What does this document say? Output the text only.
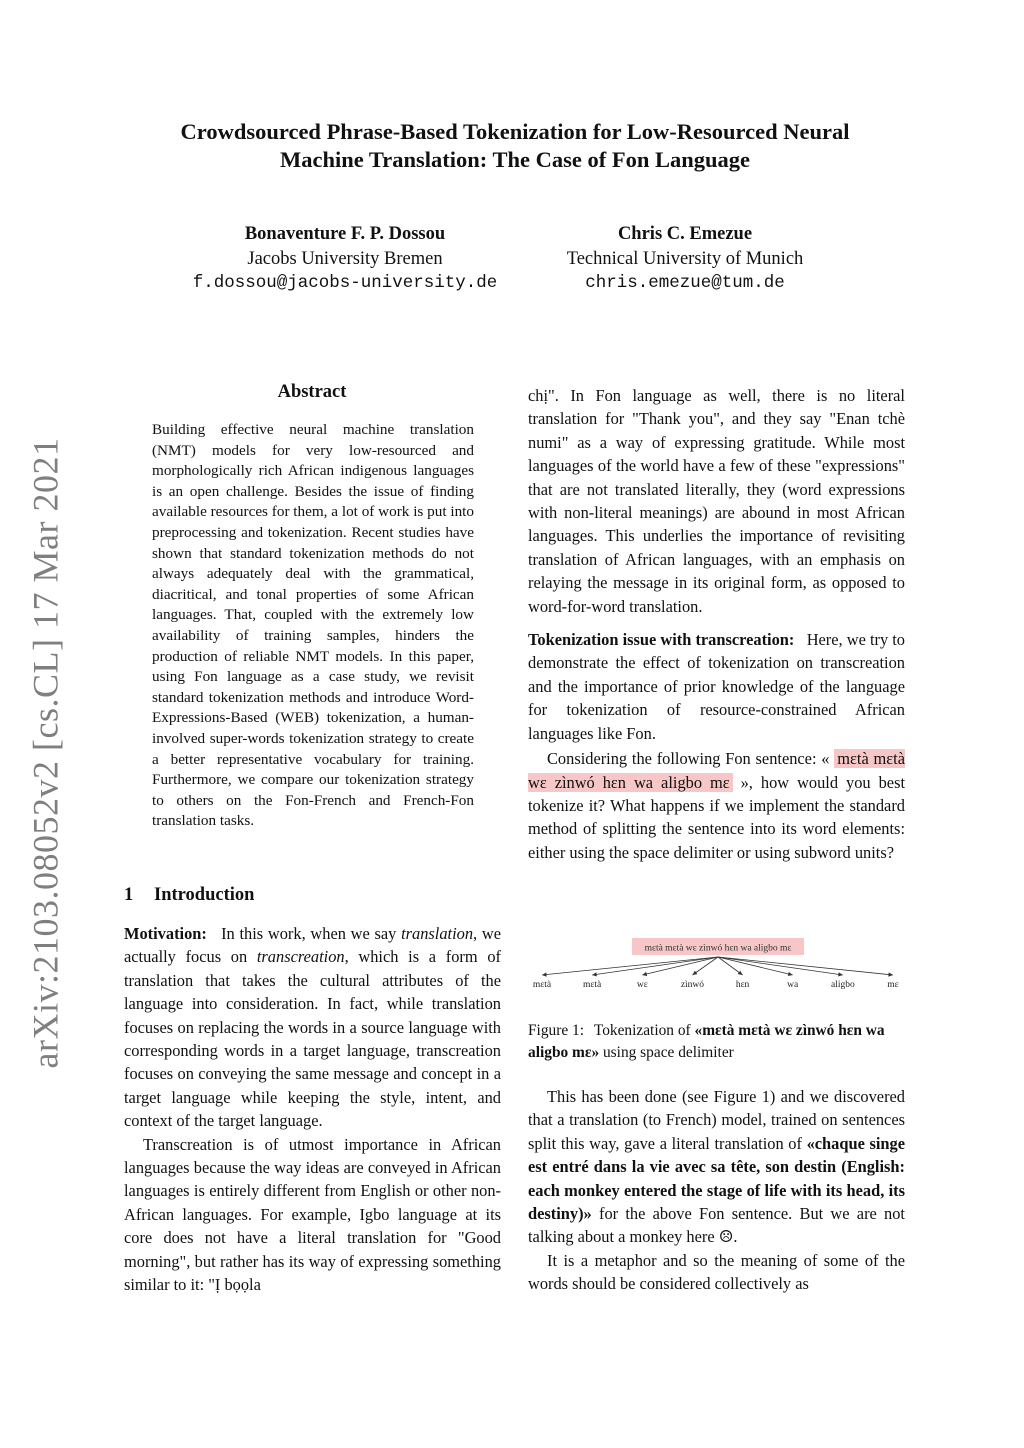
arXiv:2103.08052v2 [cs.CL] 17 Mar 2021
Crowdsourced Phrase-Based Tokenization for Low-Resourced Neural
Machine Translation: The Case of Fon Language
Bonaventure F. P. Dossou
Jacobs University Bremen
f.dossou@jacobs-university.de
Chris C. Emezue
Technical University of Munich
chris.emezue@tum.de
Abstract
Building effective neural machine translation (NMT) models for very low-resourced and morphologically rich African indigenous languages is an open challenge. Besides the issue of finding available resources for them, a lot of work is put into preprocessing and tokenization. Recent studies have shown that standard tokenization methods do not always adequately deal with the grammatical, diacritical, and tonal properties of some African languages. That, coupled with the extremely low availability of training samples, hinders the production of reliable NMT models. In this paper, using Fon language as a case study, we revisit standard tokenization methods and introduce Word-Expressions-Based (WEB) tokenization, a human-involved super-words tokenization strategy to create a better representative vocabulary for training. Furthermore, we compare our tokenization strategy to others on the Fon-French and French-Fon translation tasks.
1 Introduction

Motivation: In this work, when we say translation, we actually focus on transcreation, which is a form of translation that takes the cultural attributes of the language into consideration. In fact, while translation focuses on replacing the words in a source language with corresponding words in a target language, transcreation focuses on conveying the same message and concept in a target language while keeping the style, intent, and context of the target language.

Transcreation is of utmost importance in African languages because the way ideas are conveyed in African languages is entirely different from English or other non-African languages. For example, Igbo language at its core does not have a literal translation for "Good morning", but rather has its way of expressing something similar to it: "Ị bọọla

chị". In Fon language as well, there is no literal translation for "Thank you", and they say "Enan tchè numi" as a way of expressing gratitude. While most languages of the world have a few of these "expressions" that are not translated literally, they (word expressions with non-literal meanings) are abound in most African languages. This underlies the importance of revisiting translation of African languages, with an emphasis on relaying the message in its original form, as opposed to word-for-word translation.

Tokenization issue with transcreation: Here, we try to demonstrate the effect of tokenization on transcreation and the importance of prior knowledge of the language for tokenization of resource-constrained African languages like Fon.

Considering the following Fon sentence: « mɛtà mɛtà wɛ zìnwó hɛn wa aligbo mɛ », how would you best tokenize it? What happens if we implement the standard method of splitting the sentence into its word elements: either using the space delimiter or using subword units?

mɛtà mɛtà wɛ zìnwó hɛn wa aligbo mɛ
mɛtà	mɛtà	wɛ	zìnwó	hɛn	wa	aligbo	mɛ
Figure 1: Tokenization of «mɛtà mɛtà wɛ zìnwó hɛn wa aligbo mɛ» using space delimiter

This has been done (see Figure 1) and we discovered that a translation (to French) model, trained on sentences split this way, gave a literal translation of «chaque singe est entré dans la vie avec sa tête, son destin (English: each monkey entered the stage of life with its head, its destiny)» for the above Fon sentence. But we are not talking about a monkey here ☹.

It is a metaphor and so the meaning of some of the words should be considered collectively as
